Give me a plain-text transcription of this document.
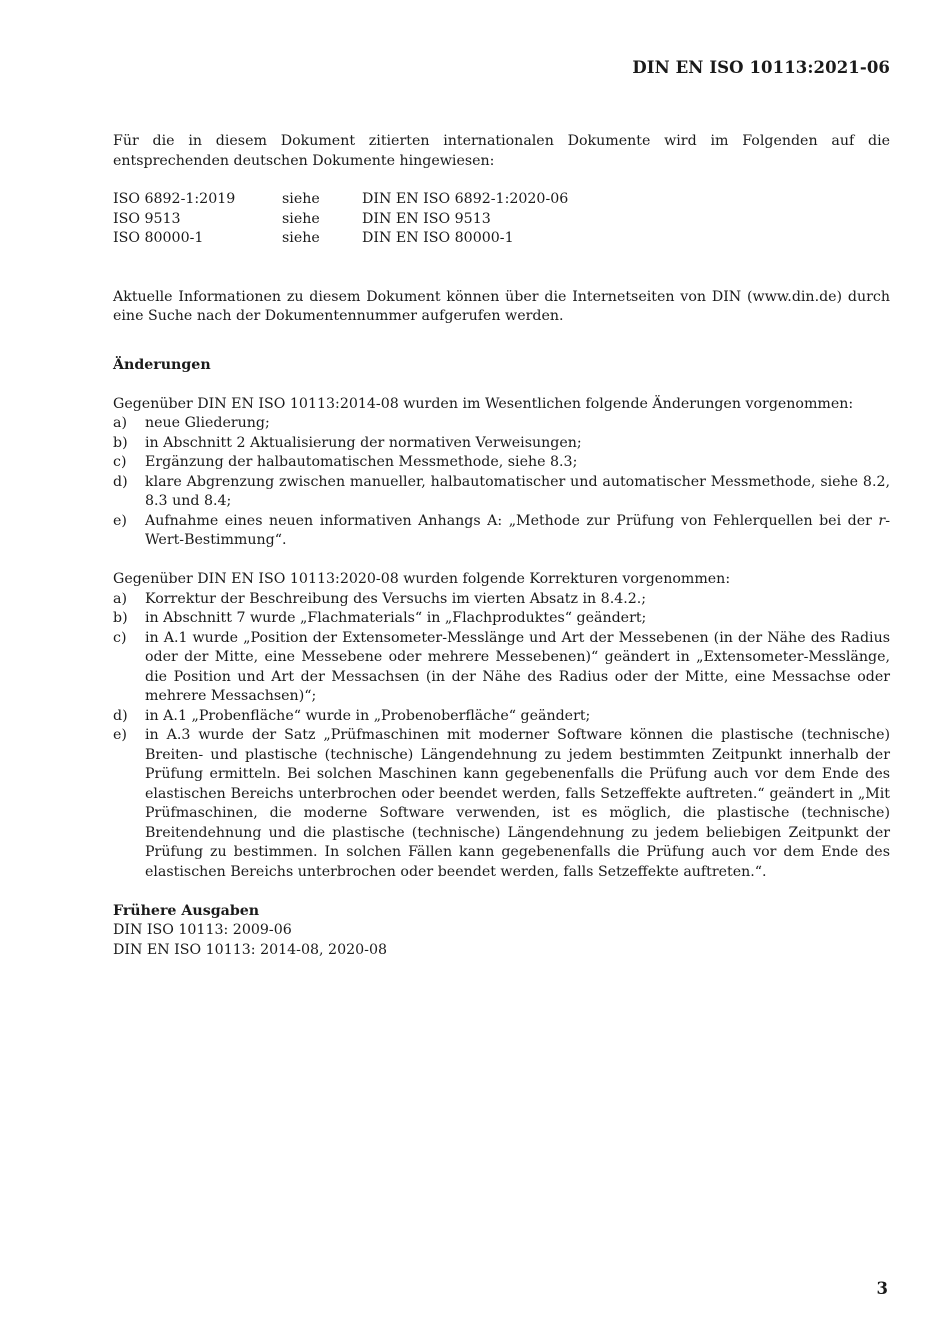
DIN EN ISO 10113:2021-06

Für die in diesem Dokument zitierten internationalen Dokumente wird im Folgenden auf die entsprechenden deutschen Dokumente hingewiesen:

ISO 6892-1:2019	siehe	DIN EN ISO 6892-1:2020-06
ISO 9513	siehe	DIN EN ISO 9513
ISO 80000-1	siehe	DIN EN ISO 80000-1

Aktuelle Informationen zu diesem Dokument können über die Internetseiten von DIN (www.din.de) durch eine Suche nach der Dokumentennummer aufgerufen werden.

Änderungen

Gegenüber DIN EN ISO 10113:2014-08 wurden im Wesentlichen folgende Änderungen vorgenommen:

a)	neue Gliederung;
b)	in Abschnitt 2 Aktualisierung der normativen Verweisungen;
c)	Ergänzung der halbautomatischen Messmethode, siehe 8.3;
d)	klare Abgrenzung zwischen manueller, halbautomatischer und automatischer Messmethode, siehe 8.2, 8.3 und 8.4;
e)	Aufnahme eines neuen informativen Anhangs A: „Methode zur Prüfung von Fehlerquellen bei der r-Wert-Bestimmung“.

Gegenüber DIN EN ISO 10113:2020-08 wurden folgende Korrekturen vorgenommen:

a)	Korrektur der Beschreibung des Versuchs im vierten Absatz in 8.4.2.;
b)	in Abschnitt 7 wurde „Flachmaterials“ in „Flachproduktes“ geändert;
c)	in A.1 wurde „Position der Extensometer-Messlänge und Art der Messebenen (in der Nähe des Radius oder der Mitte, eine Messebene oder mehrere Messebenen)“ geändert in „Extensometer-Messlänge, die Position und Art der Messachsen (in der Nähe des Radius oder der Mitte, eine Messachse oder mehrere Messachsen)“;
d)	in A.1 „Probenfläche“ wurde in „Probenoberfläche“ geändert;
e)	in A.3 wurde der Satz „Prüfmaschinen mit moderner Software können die plastische (technische) Breiten- und plastische (technische) Längendehnung zu jedem bestimmten Zeitpunkt innerhalb der Prüfung ermitteln. Bei solchen Maschinen kann gegebenenfalls die Prüfung auch vor dem Ende des elastischen Bereichs unterbrochen oder beendet werden, falls Setzeffekte auftreten.“ geändert in „Mit Prüfmaschinen, die moderne Software verwenden, ist es möglich, die plastische (technische) Breitendehnung und die plastische (technische) Längendehnung zu jedem beliebigen Zeitpunkt der Prüfung zu bestimmen. In solchen Fällen kann gegebenenfalls die Prüfung auch vor dem Ende des elastischen Bereichs unterbrochen oder beendet werden, falls Setzeffekte auftreten.“.

Frühere Ausgaben

DIN ISO 10113: 2009-06

DIN EN ISO 10113: 2014-08, 2020-08

3
